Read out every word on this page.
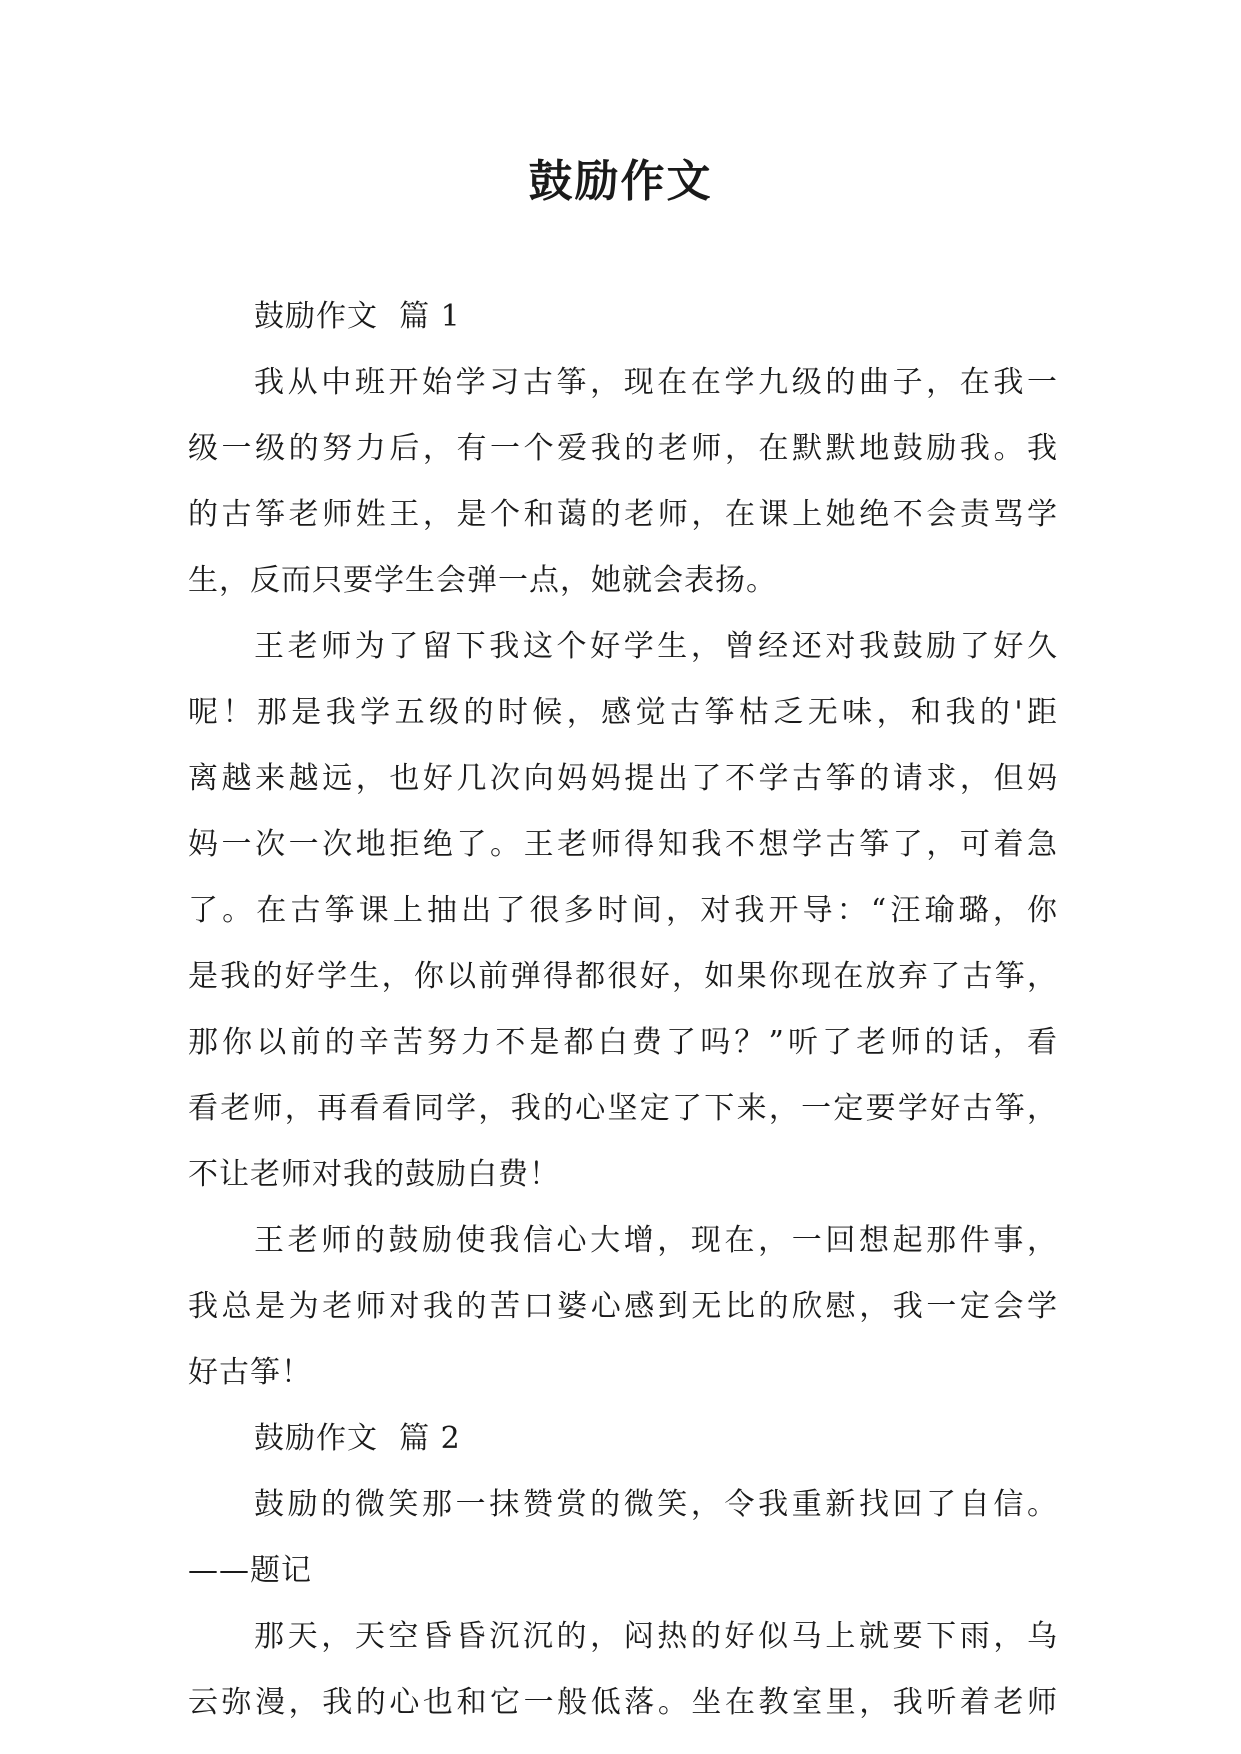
鼓励作文
鼓励作文  篇 1
我从中班开始学习古筝，现在在学九级的曲子，在我一
级一级的努力后，有一个爱我的老师，在默默地鼓励我。我
的古筝老师姓王，是个和蔼的老师，在课上她绝不会责骂学
生，反而只要学生会弹一点，她就会表扬。
王老师为了留下我这个好学生，曾经还对我鼓励了好久
呢！那是我学五级的时候，感觉古筝枯乏无味，和我的'距
离越来越远，也好几次向妈妈提出了不学古筝的请求，但妈
妈一次一次地拒绝了。王老师得知我不想学古筝了，可着急
了。在古筝课上抽出了很多时间，对我开导：“汪瑜璐，你
是我的好学生，你以前弹得都很好，如果你现在放弃了古筝，
那你以前的辛苦努力不是都白费了吗？”听了老师的话，看
看老师，再看看同学，我的心坚定了下来，一定要学好古筝，
不让老师对我的鼓励白费！
王老师的鼓励使我信心大增，现在，一回想起那件事，
我总是为老师对我的苦口婆心感到无比的欣慰，我一定会学
好古筝！
鼓励作文  篇 2
鼓励的微笑那一抹赞赏的微笑，令我重新找回了自信。
——题记
那天，天空昏昏沉沉的，闷热的好似马上就要下雨，乌
云弥漫，我的心也和它一般低落。坐在教室里，我听着老师
